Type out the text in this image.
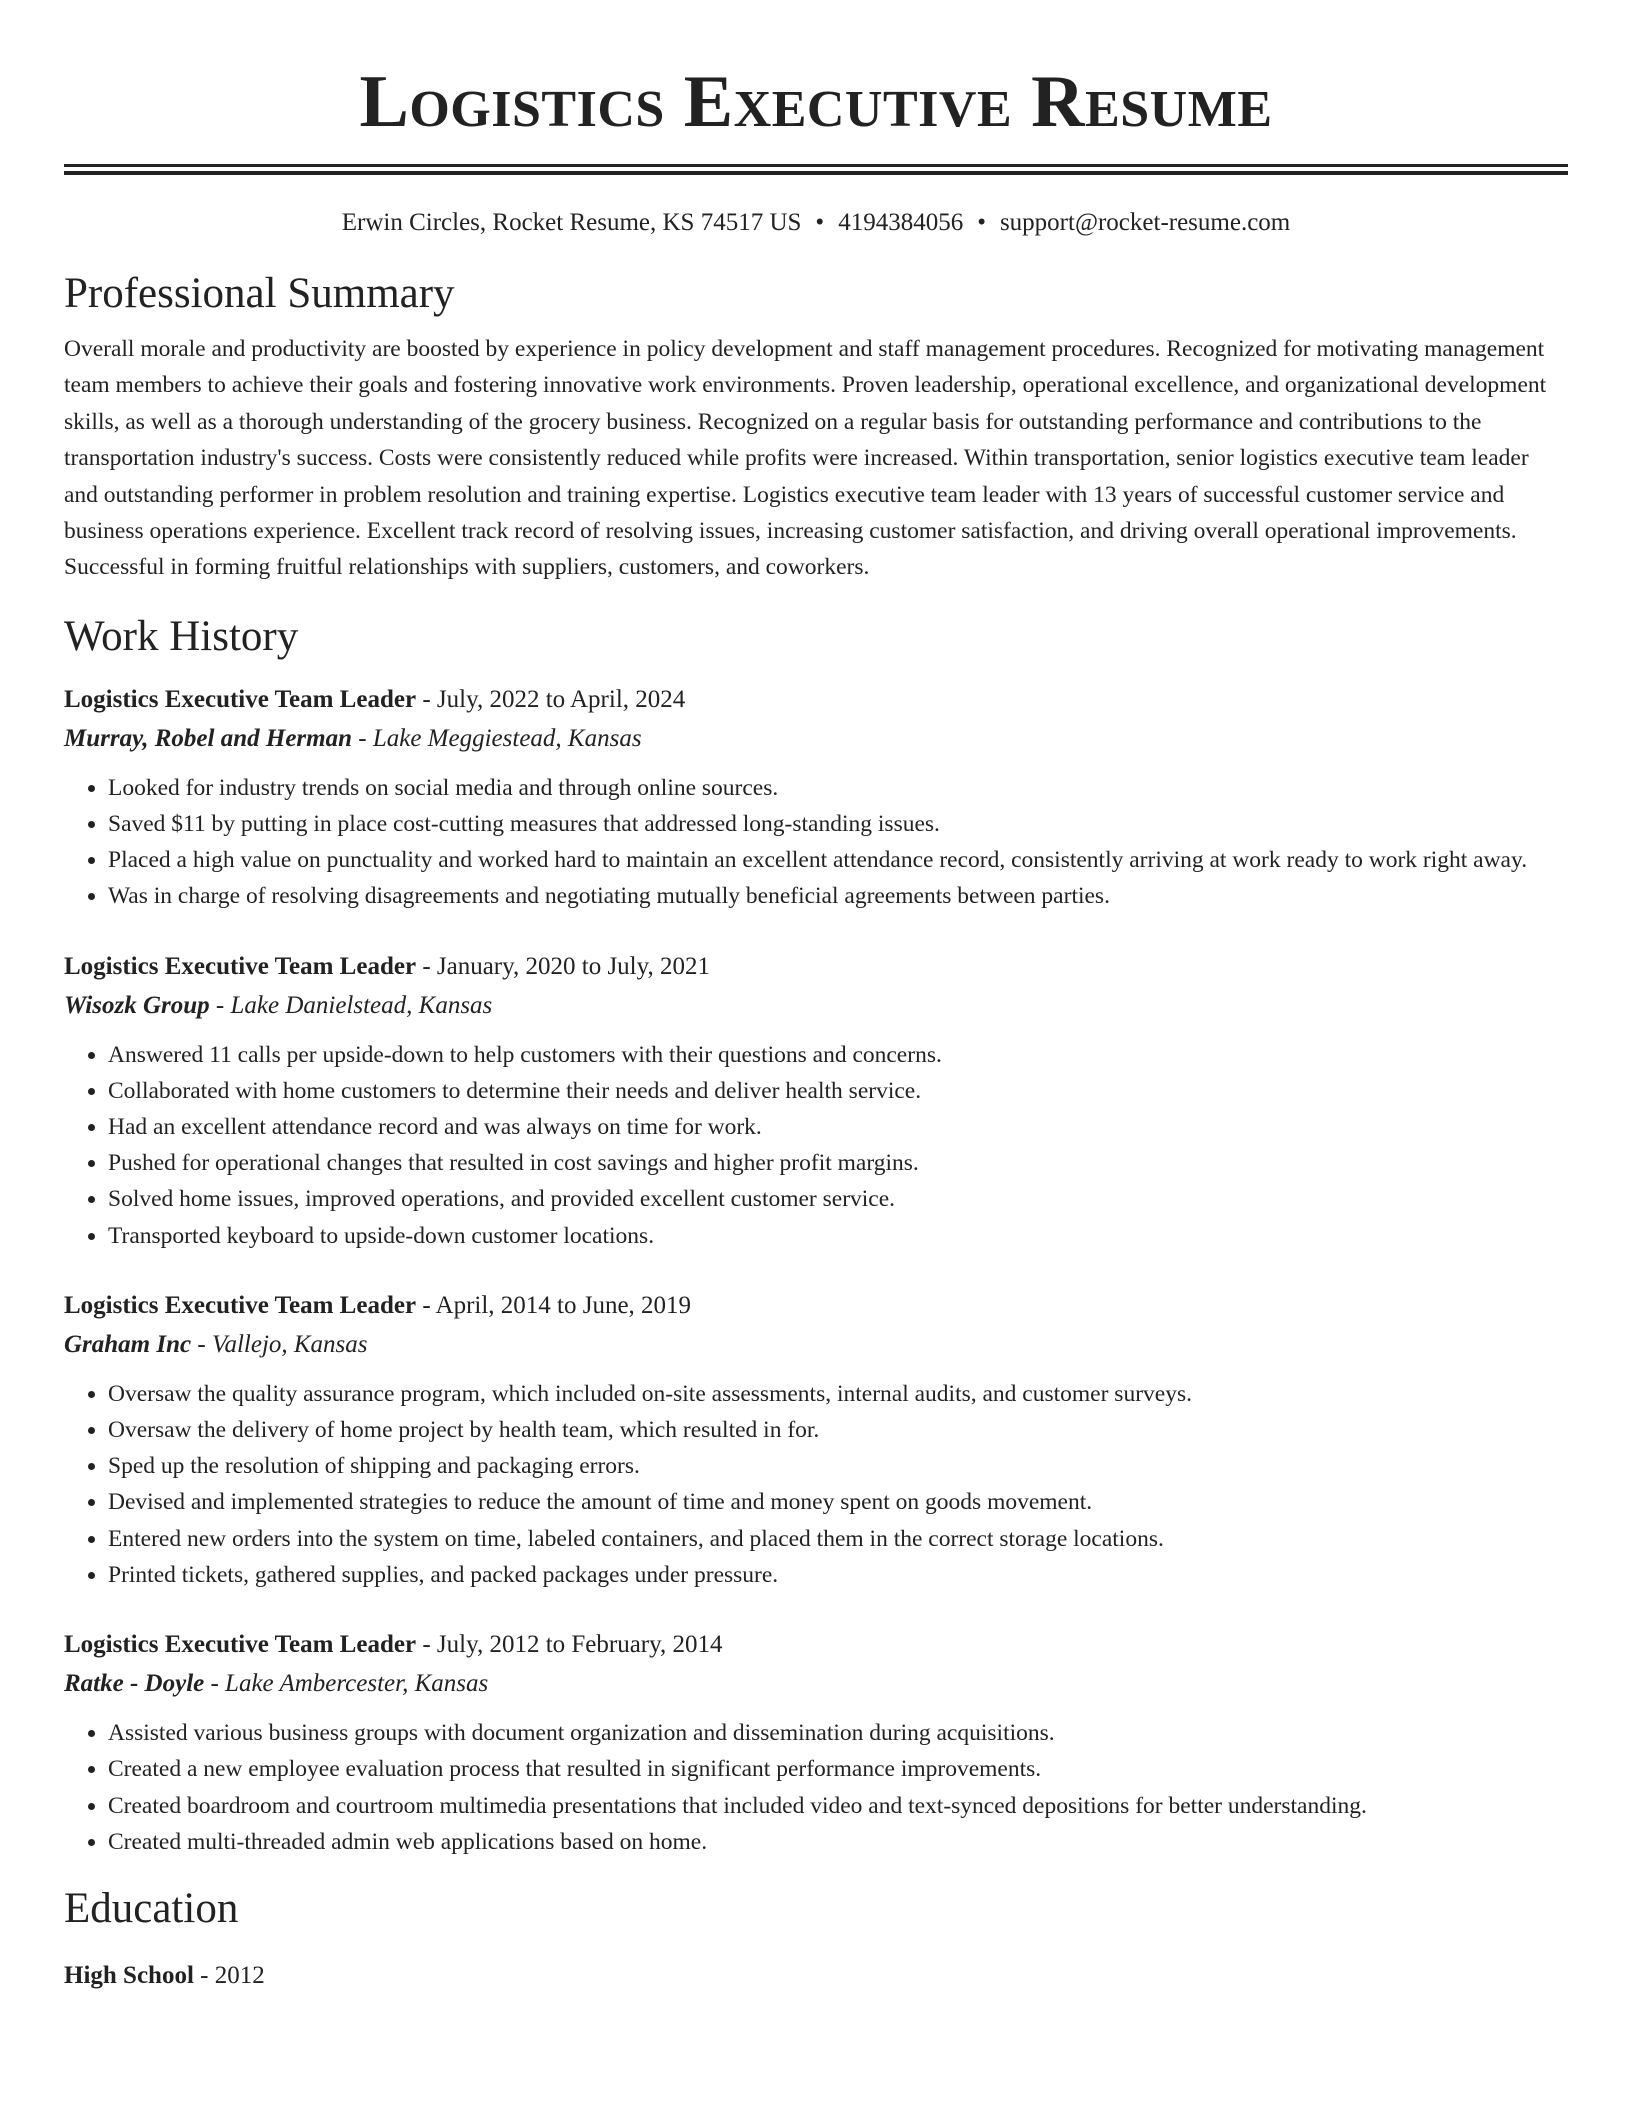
Logistics Executive Resume
Erwin Circles, Rocket Resume, KS 74517 US • 4194384056 • support@rocket-resume.com
Professional Summary

Overall morale and productivity are boosted by experience in policy development and staff management procedures. Recognized for motivating management team members to achieve their goals and fostering innovative work environments. Proven leadership, operational excellence, and organizational development skills, as well as a thorough understanding of the grocery business. Recognized on a regular basis for outstanding performance and contributions to the transportation industry's success. Costs were consistently reduced while profits were increased. Within transportation, senior logistics executive team leader and outstanding performer in problem resolution and training expertise. Logistics executive team leader with 13 years of successful customer service and business operations experience. Excellent track record of resolving issues, increasing customer satisfaction, and driving overall operational improvements. Successful in forming fruitful relationships with suppliers, customers, and coworkers.

Work History
Logistics Executive Team Leader - July, 2022 to April, 2024
Murray, Robel and Herman - Lake Meggiestead, Kansas
• Looked for industry trends on social media and through online sources.
• Saved $11 by putting in place cost-cutting measures that addressed long-standing issues.
• Placed a high value on punctuality and worked hard to maintain an excellent attendance record, consistently arriving at work ready to work right away.
• Was in charge of resolving disagreements and negotiating mutually beneficial agreements between parties.
Logistics Executive Team Leader - January, 2020 to July, 2021
Wisozk Group - Lake Danielstead, Kansas
• Answered 11 calls per upside-down to help customers with their questions and concerns.
• Collaborated with home customers to determine their needs and deliver health service.
• Had an excellent attendance record and was always on time for work.
• Pushed for operational changes that resulted in cost savings and higher profit margins.
• Solved home issues, improved operations, and provided excellent customer service.
• Transported keyboard to upside-down customer locations.
Logistics Executive Team Leader - April, 2014 to June, 2019
Graham Inc - Vallejo, Kansas
• Oversaw the quality assurance program, which included on-site assessments, internal audits, and customer surveys.
• Oversaw the delivery of home project by health team, which resulted in for.
• Sped up the resolution of shipping and packaging errors.
• Devised and implemented strategies to reduce the amount of time and money spent on goods movement.
• Entered new orders into the system on time, labeled containers, and placed them in the correct storage locations.
• Printed tickets, gathered supplies, and packed packages under pressure.
Logistics Executive Team Leader - July, 2012 to February, 2014
Ratke - Doyle - Lake Ambercester, Kansas
• Assisted various business groups with document organization and dissemination during acquisitions.
• Created a new employee evaluation process that resulted in significant performance improvements.
• Created boardroom and courtroom multimedia presentations that included video and text-synced depositions for better understanding.
• Created multi-threaded admin web applications based on home.
Education
High School - 2012
